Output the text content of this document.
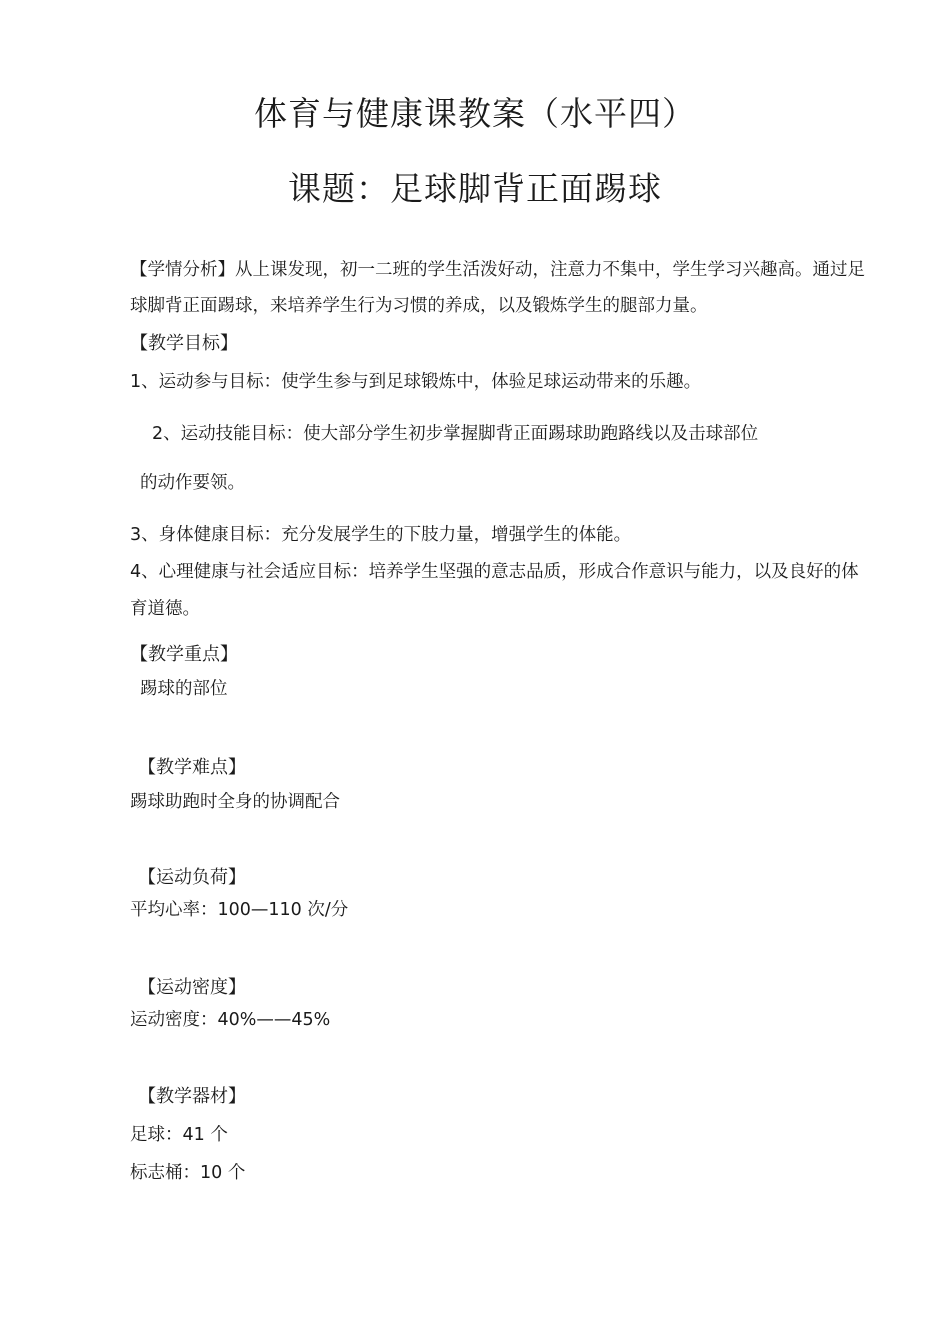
体育与健康课教案（水平四）
课题：足球脚背正面踢球

【学情分析】从上课发现，初一二班的学生活泼好动，注意力不集中，学生学习兴趣高。通过足

球脚背正面踢球，来培养学生行为习惯的养成，以及锻炼学生的腿部力量。

【教学目标】

1、运动参与目标：使学生参与到足球锻炼中，体验足球运动带来的乐趣。

2、运动技能目标：使大部分学生初步掌握脚背正面踢球助跑路线以及击球部位

的动作要领。

3、身体健康目标：充分发展学生的下肢力量，增强学生的体能。

4、心理健康与社会适应目标：培养学生坚强的意志品质，形成合作意识与能力，以及良好的体

育道德。

【教学重点】

踢球的部位

【教学难点】

踢球助跑时全身的协调配合

【运动负荷】

平均心率：100—110 次/分

【运动密度】

运动密度：40%——45%

【教学器材】

足球：41 个

标志桶：10 个
